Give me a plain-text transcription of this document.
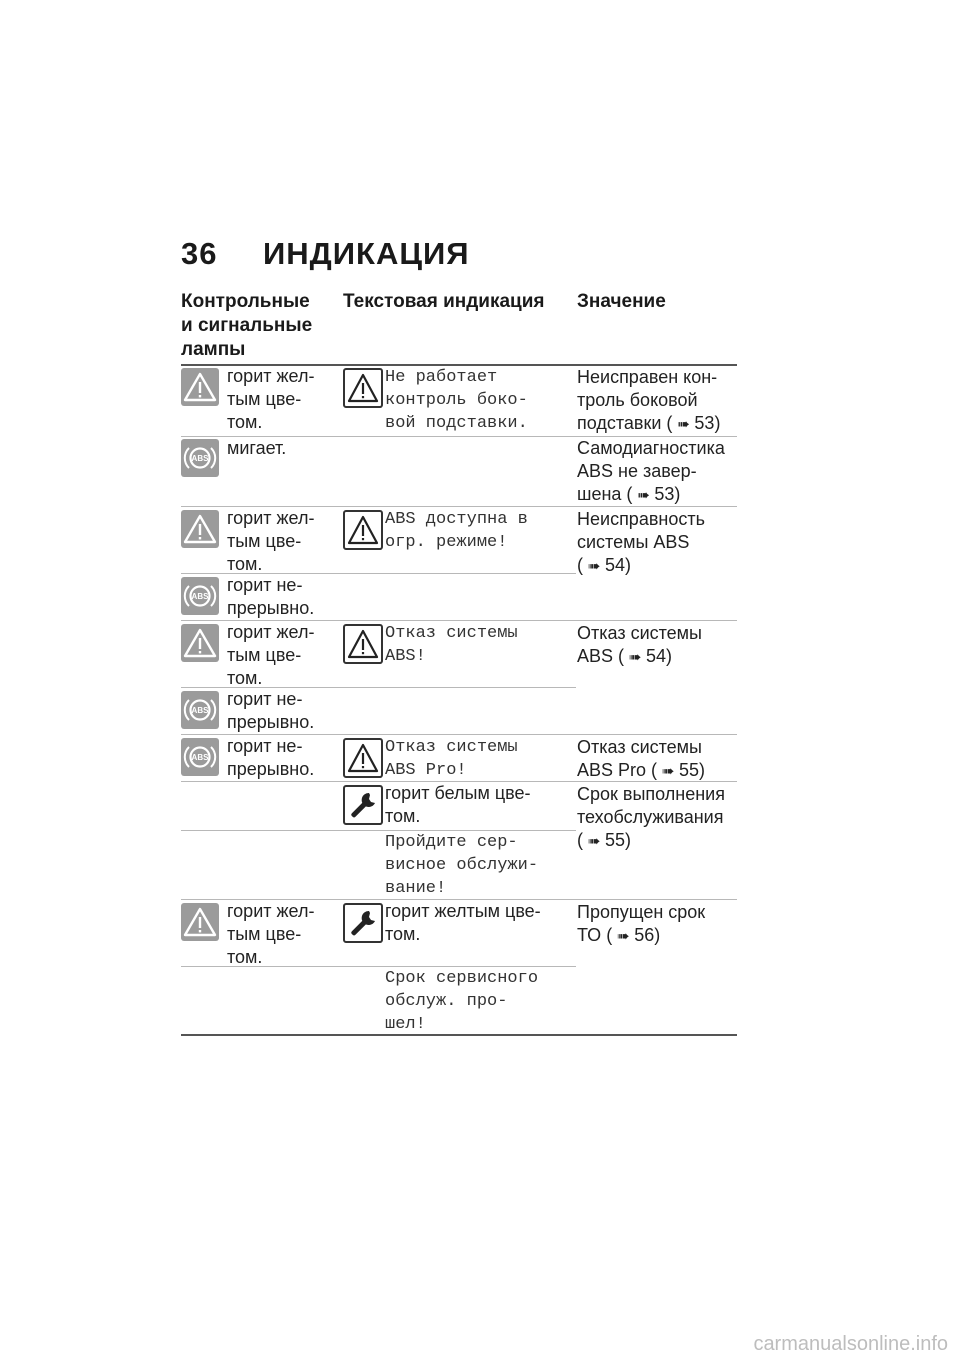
36 ИНДИКАЦИЯ
Контрольные
и сигнальные
лампы
Текстовая индикация Значение
горит жел-
тым цве-
том.
Не работает
контроль боко-
вой подставки.
Неисправен кон-
троль боковой
подставки ( ➠ 53)
ABS
мигает.	Самодиагностика
ABS не завер-
шена ( ➠ 53)
горит жел-
тым цве-
том.
ABS доступна в
огр. режиме!
Неисправность
системы ABS
( ➠ 54)
ABS
горит не-
прерывно.
горит жел-
тым цве-
том.
Отказ системы
ABS!
Отказ системы
ABS ( ➠ 54)
ABS
горит не-
прерывно.
ABS
горит не-
прерывно.
Отказ системы
ABS Pro!
Отказ системы
ABS Pro ( ➠ 55)
горит белым цве-
том.
Пройдите сер-
висное обслужи-
вание!
Срок выполнения
техобслуживания
( ➠ 55)
горит жел-
тым цве-
том.
горит желтым цве-
том.
Срок сервисного
обслуж. про-
шел!
Пропущен срок
ТО ( ➠ 56)
carmanualsonline.info
